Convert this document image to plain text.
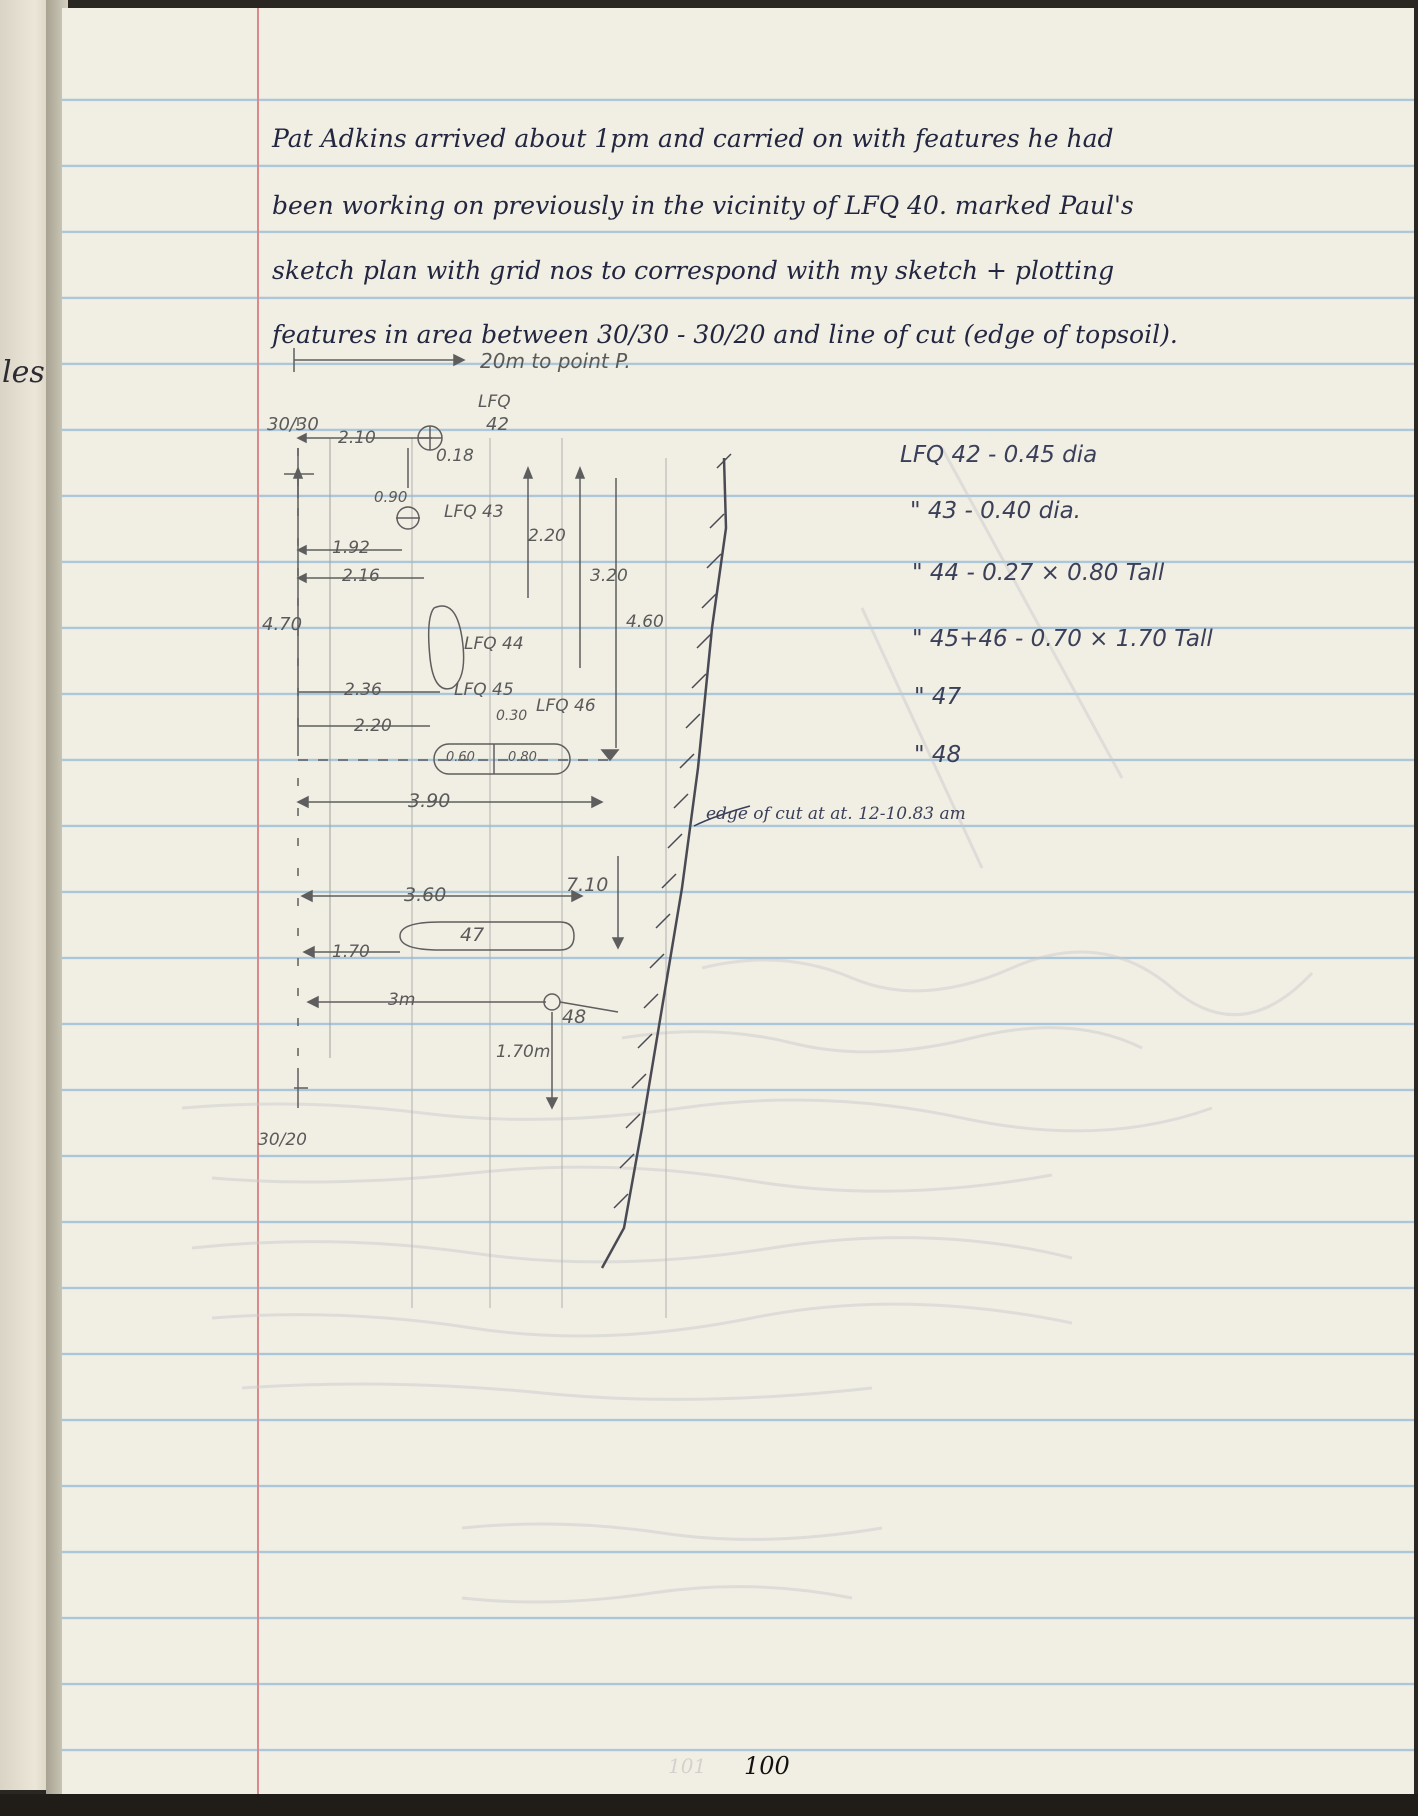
les
Pat Adkins arrived about 1pm and carried on with features he had
been working on previously in the vicinity of LFQ 40. marked Paul's
sketch plan with grid nos to correspond with my sketch + plotting
features in area between 30/30 - 30/20 and line of cut (edge of topsoil).
20m to point P.
LFQ
30/30
2.10
42
0.18
0.90
LFQ 43
2.20
1.92
3.20
2.16
4.70	4.60
LFQ 44
2.36	LFQ 45
LFQ 46
0.30
2.20
0.60	0.80
3.90
3.60	7.10
47
1.70
3m
48
1.70m
30/20
edge of cut at at. 12-10.83 am
LFQ 42 - 0.45 dia
" 43 - 0.40 dia.
" 44 - 0.27 × 0.80 Tall
" 45+46 - 0.70 × 1.70 Tall
" 47
" 48
101 100
